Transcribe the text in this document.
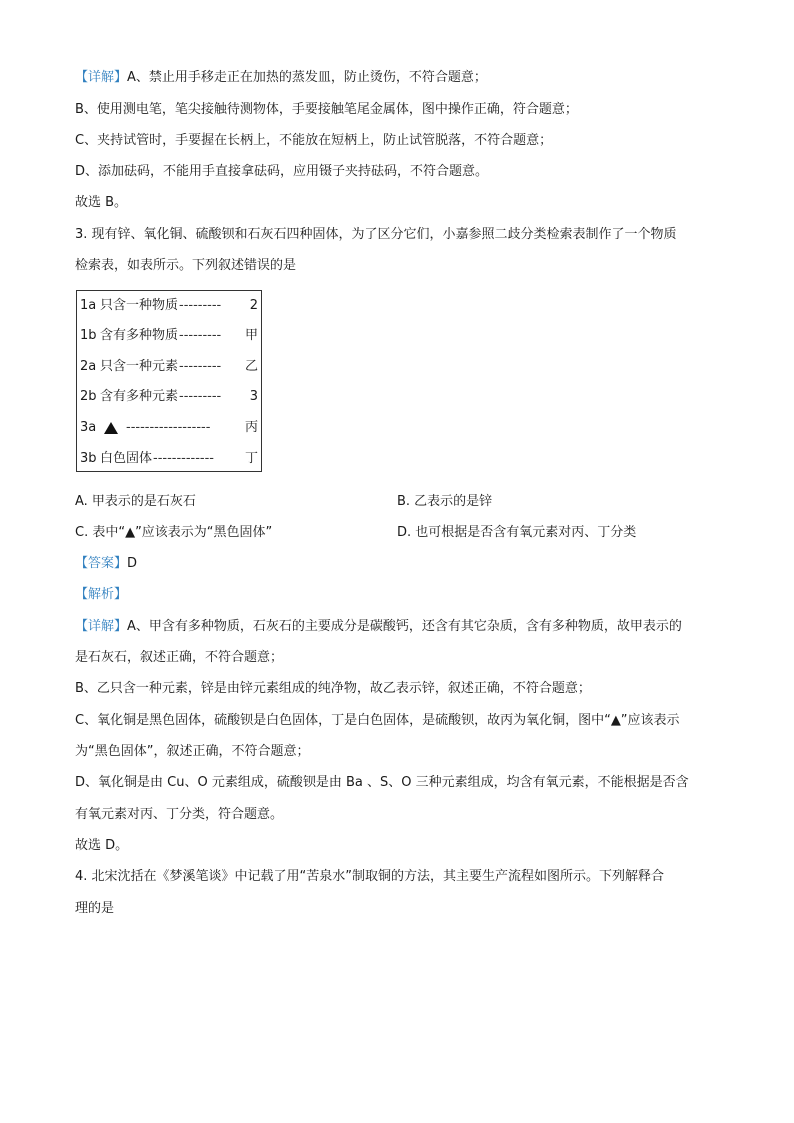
【详解】A、禁止用手移走正在加热的蒸发皿，防止烫伤，不符合题意；
B、使用测电笔，笔尖接触待测物体，手要接触笔尾金属体，图中操作正确，符合题意；
C、夹持试管时，手要握在长柄上，不能放在短柄上，防止试管脱落，不符合题意；
D、添加砝码，不能用手直接拿砝码，应用镊子夹持砝码，不符合题意。
故选 B。
3. 现有锌、氧化铜、硫酸钡和石灰石四种固体，为了区分它们，小嘉参照二歧分类检索表制作了一个物质
检索表，如表所示。下列叙述错误的是
1a 只含一种物质 ---------	2
1b 含有多种物质 ---------	甲
2a 只含一种元素 ---------	乙
2b 含有多种元素 ---------	3
3a ------------------	丙
3b 白色固体 -------------	丁
A. 甲表示的是石灰石	B. 乙表示的是锌
C. 表中“▲”应该表示为“黑色固体”	D. 也可根据是否含有氧元素对丙、丁分类
【答案】D
【解析】
【详解】A、甲含有多种物质，石灰石的主要成分是碳酸钙，还含有其它杂质，含有多种物质，故甲表示的
是石灰石，叙述正确，不符合题意；
B、乙只含一种元素，锌是由锌元素组成的纯净物，故乙表示锌，叙述正确，不符合题意；
C、氧化铜是黑色固体，硫酸钡是白色固体，丁是白色固体，是硫酸钡，故丙为氧化铜，图中“▲”应该表示
为“黑色固体”，叙述正确，不符合题意；
D、氧化铜是由 Cu、O 元素组成，硫酸钡是由 Ba 、S、O 三种元素组成，均含有氧元素，不能根据是否含
有氧元素对丙、丁分类，符合题意。
故选 D。
4. 北宋沈括在《梦溪笔谈》中记载了用“苦泉水”制取铜的方法，其主要生产流程如图所示。下列解释合
理的是
